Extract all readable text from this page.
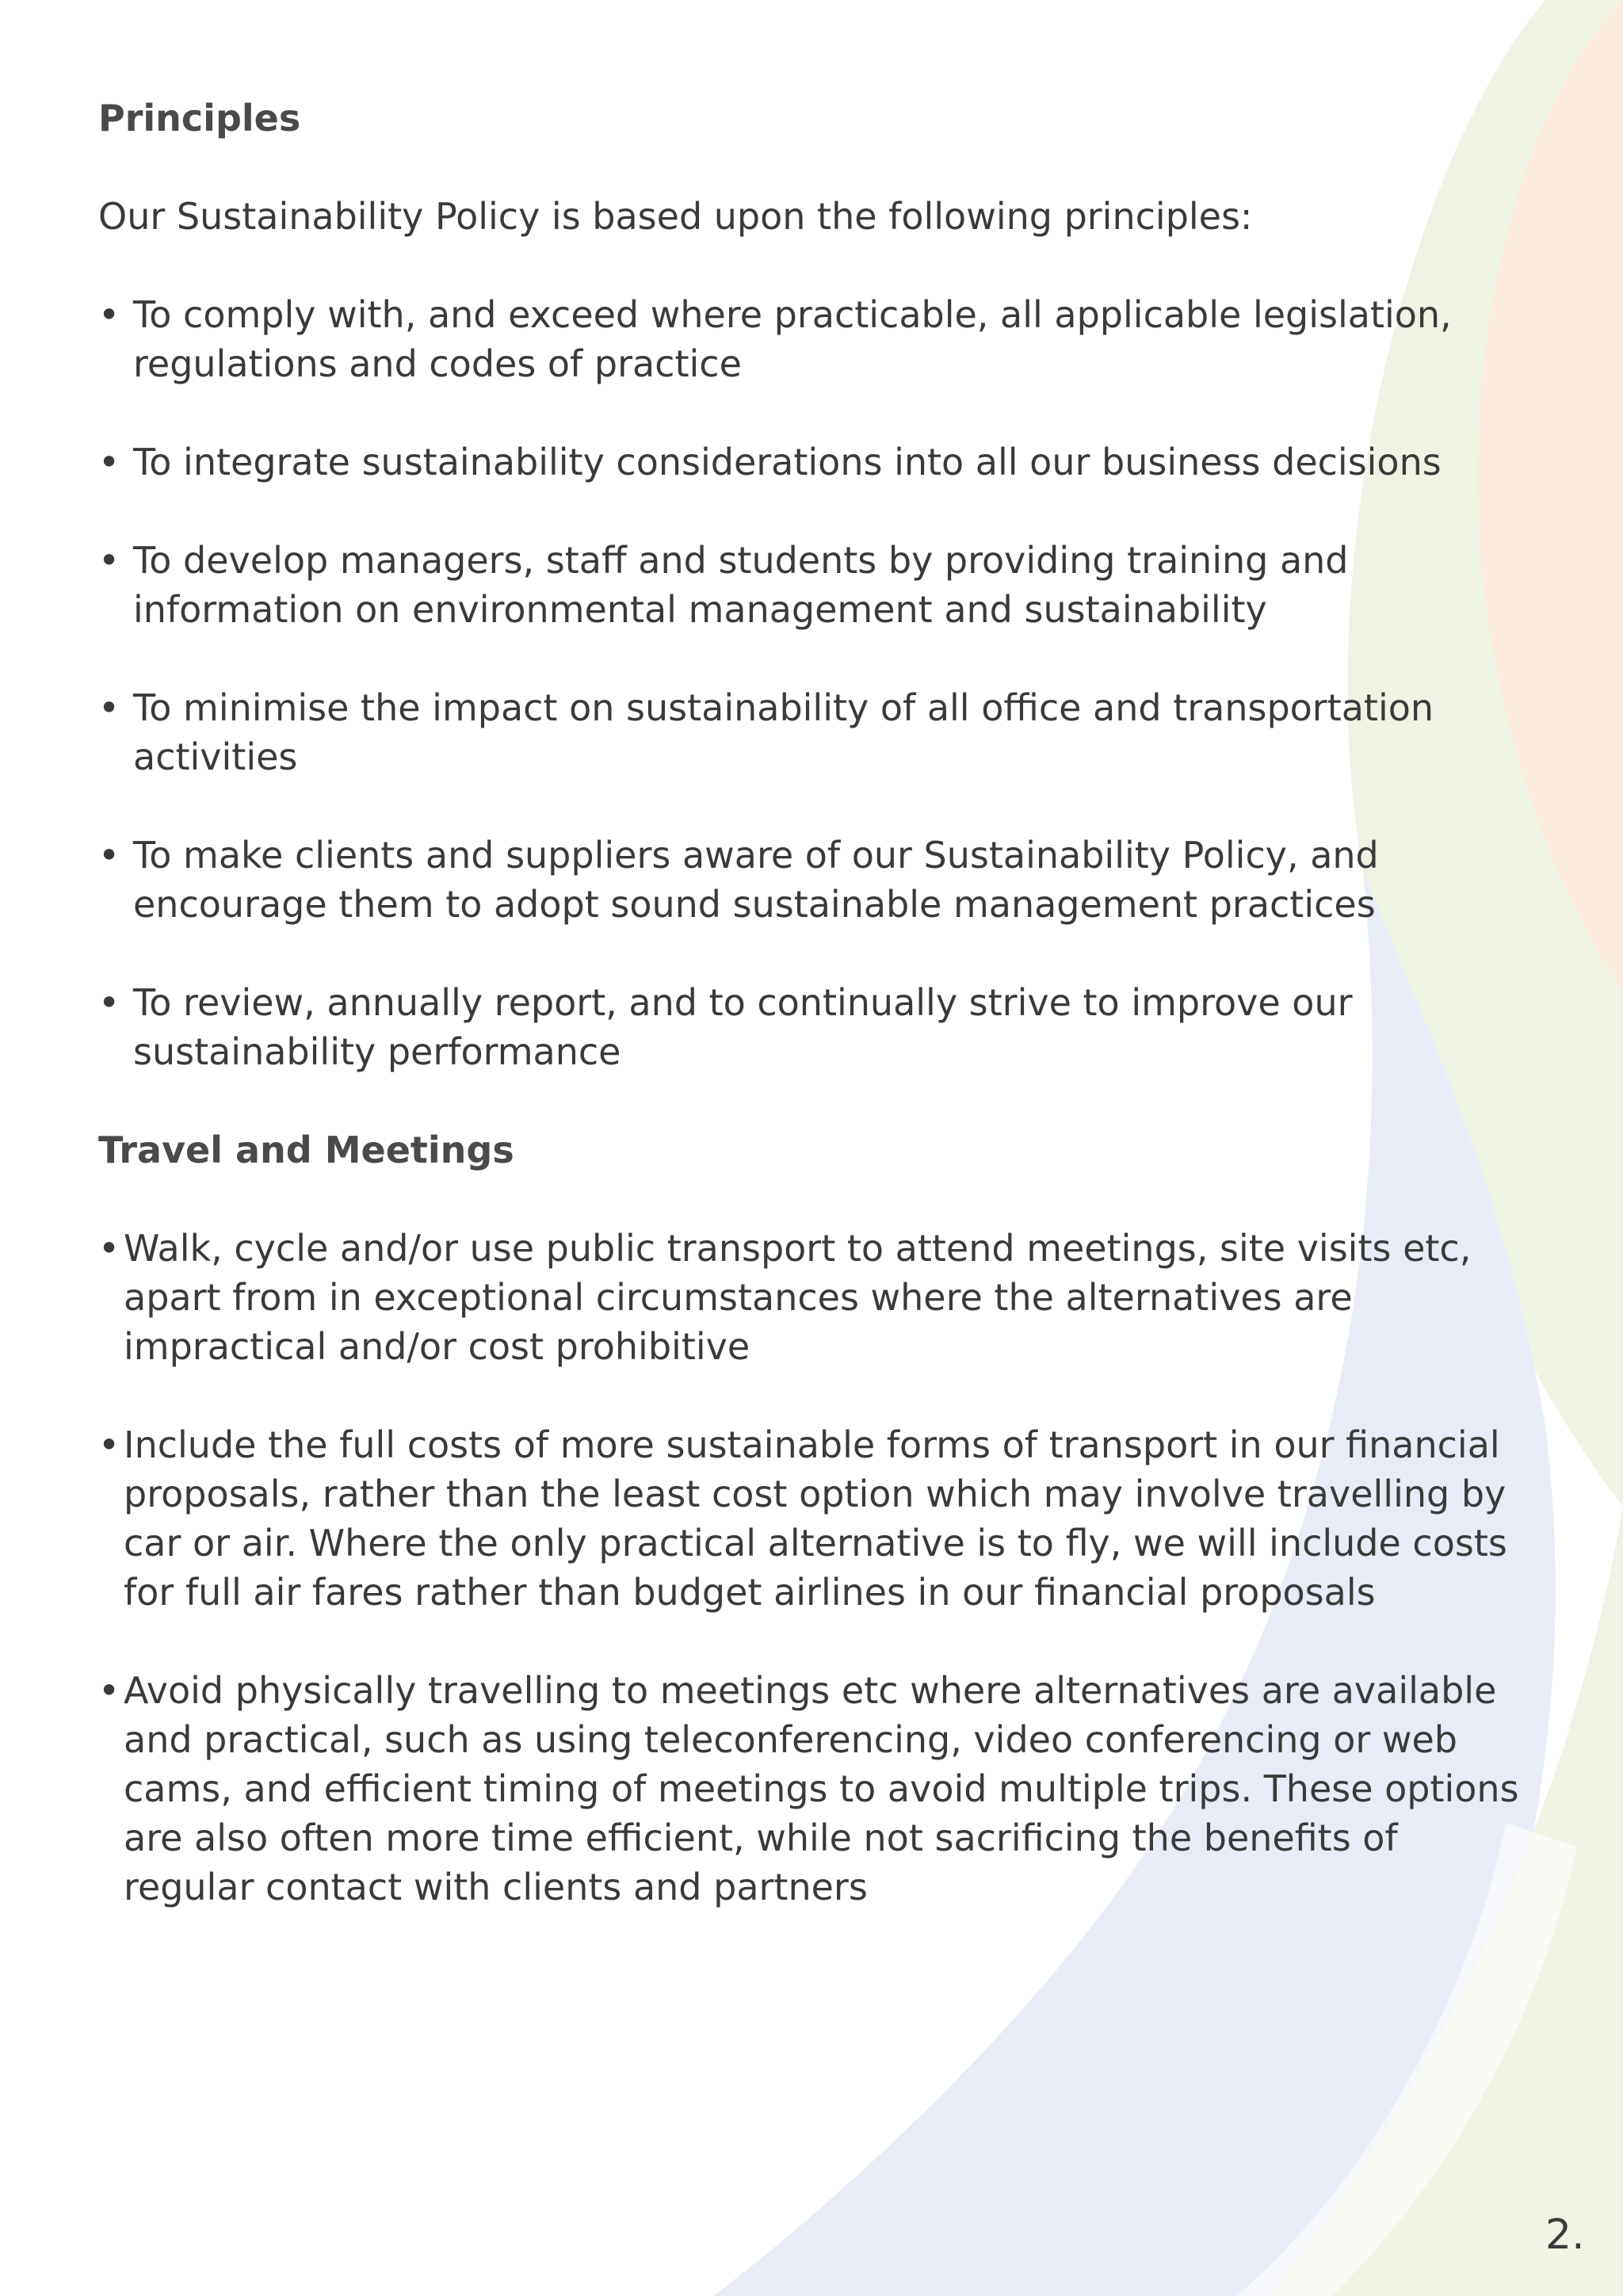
Principles

Our Sustainability Policy is based upon the following principles:

• To comply with, and exceed where practicable, all applicable legislation, regulations and codes of practice
• To integrate sustainability considerations into all our business decisions
• To develop managers, staff and students by providing training and information on environmental management and sustainability
• To minimise the impact on sustainability of all office and transportation activities
• To make clients and suppliers aware of our Sustainability Policy, and encourage them to adopt sound sustainable management practices
• To review, annually report, and to continually strive to improve our sustainability performance
Travel and Meetings
• Walk, cycle and/or use public transport to attend meetings, site visits etc, apart from in exceptional circumstances where the alternatives are impractical and/or cost prohibitive
• Include the full costs of more sustainable forms of transport in our financial proposals, rather than the least cost option which may involve travelling by car or air. Where the only practical alternative is to fly, we will include costs for full air fares rather than budget airlines in our financial proposals
• Avoid physically travelling to meetings etc where alternatives are available and practical, such as using teleconferencing, video conferencing or web cams, and efficient timing of meetings to avoid multiple trips. These options are also often more time efficient, while not sacrificing the benefits of regular contact with clients and partners
2.
